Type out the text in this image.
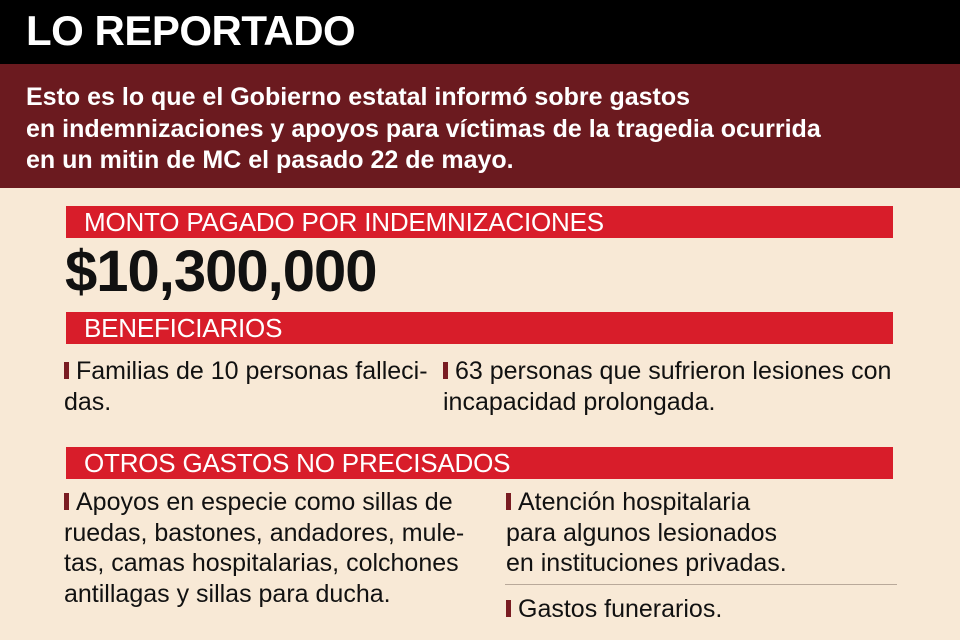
LO REPORTADO
Esto es lo que el Gobierno estatal informó sobre gastos
en indemnizaciones y apoyos para víctimas de la tragedia ocurrida
en un mitin de MC el pasado 22 de mayo.
MONTO PAGADO POR INDEMNIZACIONES
$10,300,000
BENEFICIARIOS
Familias de 10 personas falleci-
das.
63 personas que sufrieron lesiones con
incapacidad prolongada.
OTROS GASTOS NO PRECISADOS
Apoyos en especie como sillas de
ruedas, bastones, andadores, mule-
tas, camas hospitalarias, colchones
antillagas y sillas para ducha.
Atención hospitalaria
para algunos lesionados
en instituciones privadas.
Gastos funerarios.
